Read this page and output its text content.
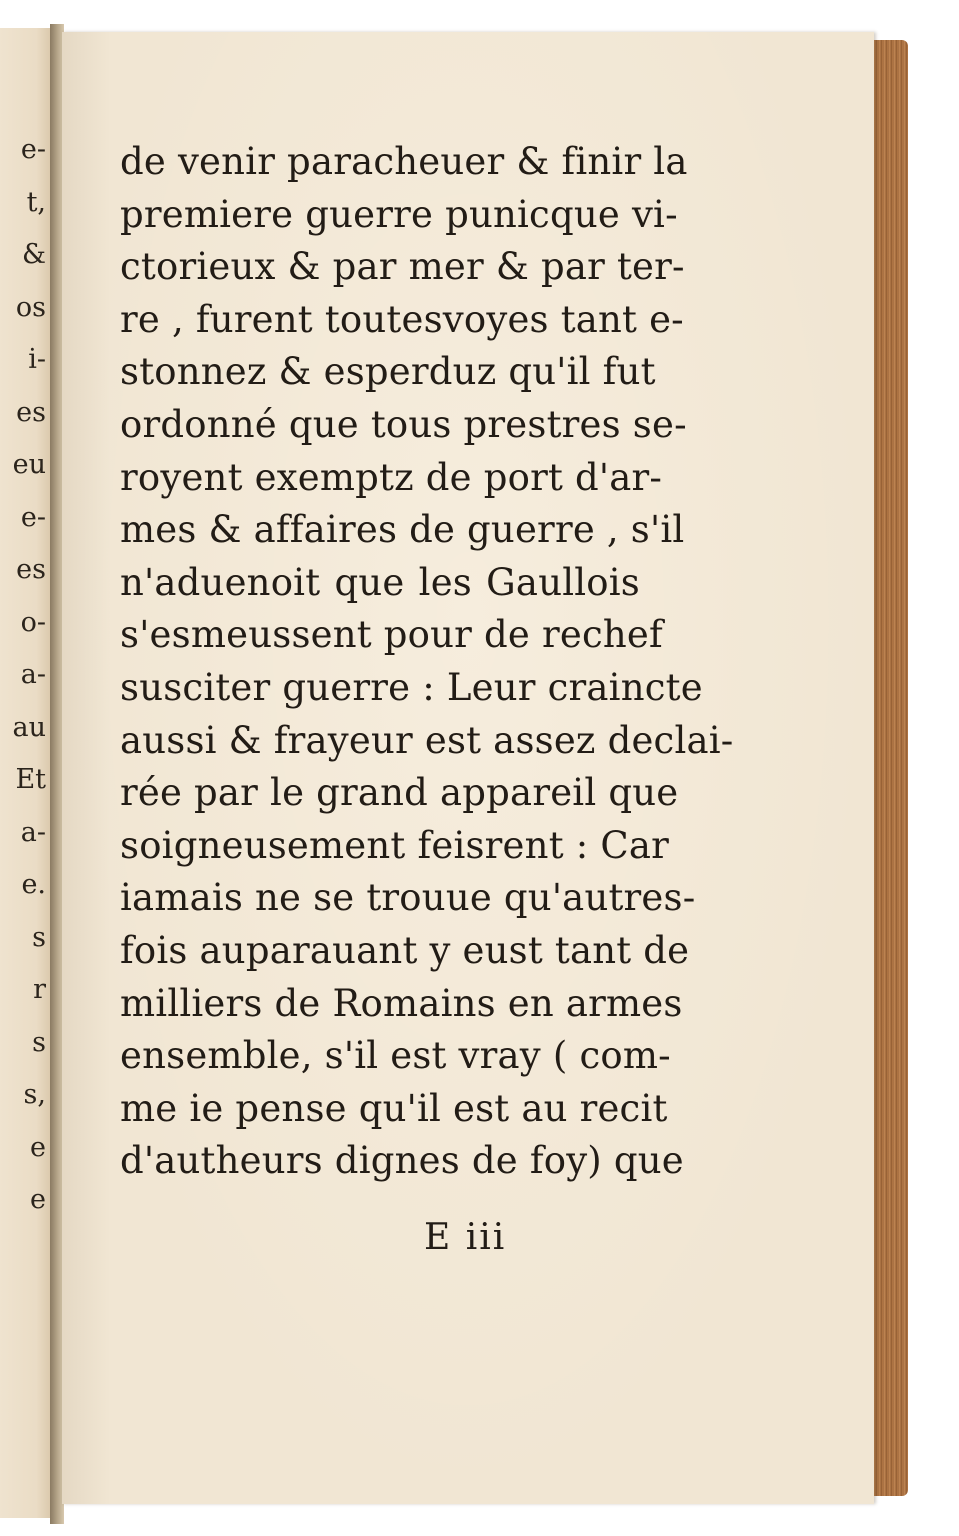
e-
t,
&
os
i-
es
eu
e-
es
o-
a-
au
Et
a-
e.
s
r
s
s,
e
e
de venir paracheuer & finir la
premiere guerre punicque vi-
ctorieux & par mer & par ter-
re , furent toutesvoyes tant e-
stonnez & esperduz qu'il fut
ordonné que tous prestres se-
royent exemptz de port d'ar-
mes & affaires de guerre , s'il
n'aduenoit que les Gaullois
s'esmeussent pour de rechef
susciter guerre : Leur craincte
aussi & frayeur est assez declai-
rée par le grand appareil que
soigneusement feisrent : Car
iamais ne se trouue qu'autres-
fois auparauant y eust tant de
milliers de Romains en armes
ensemble, s'il est vray ( com-
me ie pense qu'il est au recit
d'autheurs dignes de foy) que
E iii
